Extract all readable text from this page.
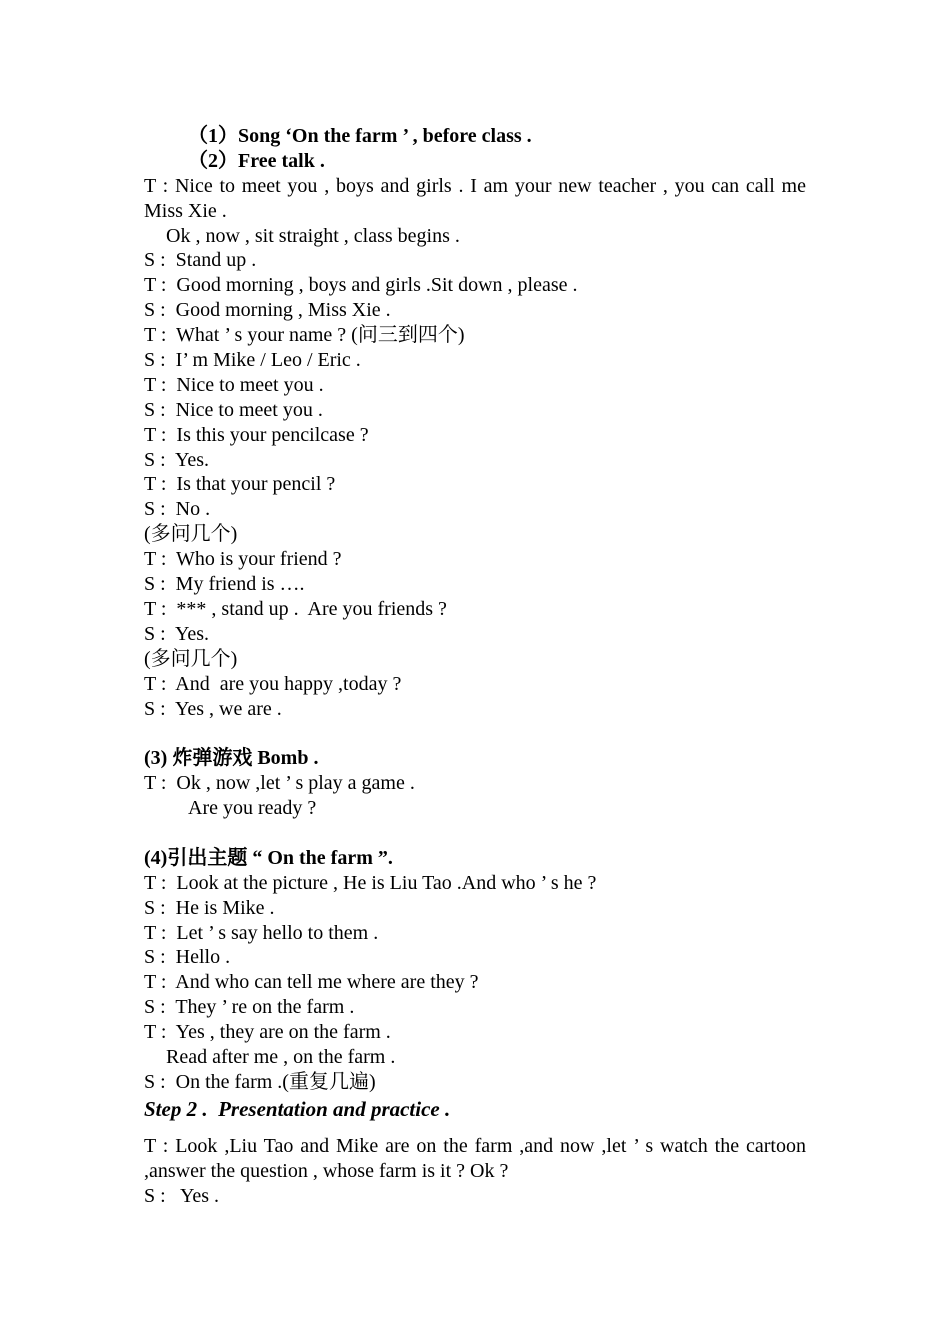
（1）Song ‘On the farm ’ , before class .
（2）Free talk .
T : Nice to meet you , boys and girls . I am your new teacher , you can call me Miss Xie .
Ok , now , sit straight , class begins .
S :  Stand up .
T :  Good morning , boys and girls .Sit down , please .
S :  Good morning , Miss Xie .
T :  What ’ s your name ? (问三到四个)
S :  I’ m Mike / Leo / Eric .
T :  Nice to meet you .
S :  Nice to meet you .
T :  Is this your pencilcase ?
S :  Yes.
T :  Is that your pencil ?
S :  No .
(多问几个)
T :  Who is your friend ?
S :  My friend is ….
T :  *** , stand up .  Are you friends ?
S :  Yes.
(多问几个)
T :  And  are you happy ,today ?
S :  Yes , we are .
(3) 炸弹游戏 Bomb .
T :  Ok , now ,let ’ s play a game .
Are you ready ?
(4)引出主题 “ On the farm ”.
T :  Look at the picture , He is Liu Tao .And who ’ s he ?
S :  He is Mike .
T :  Let ’ s say hello to them .
S :  Hello .
T :  And who can tell me where are they ?
S :  They ’ re on the farm .
T :  Yes , they are on the farm .
Read after me , on the farm .
S :  On the farm .(重复几遍)
Step 2 .  Presentation and practice .
T : Look ,Liu Tao and Mike are on the farm ,and now ,let ’ s watch the cartoon ,answer the question , whose farm is it ? Ok ?
S :   Yes .
